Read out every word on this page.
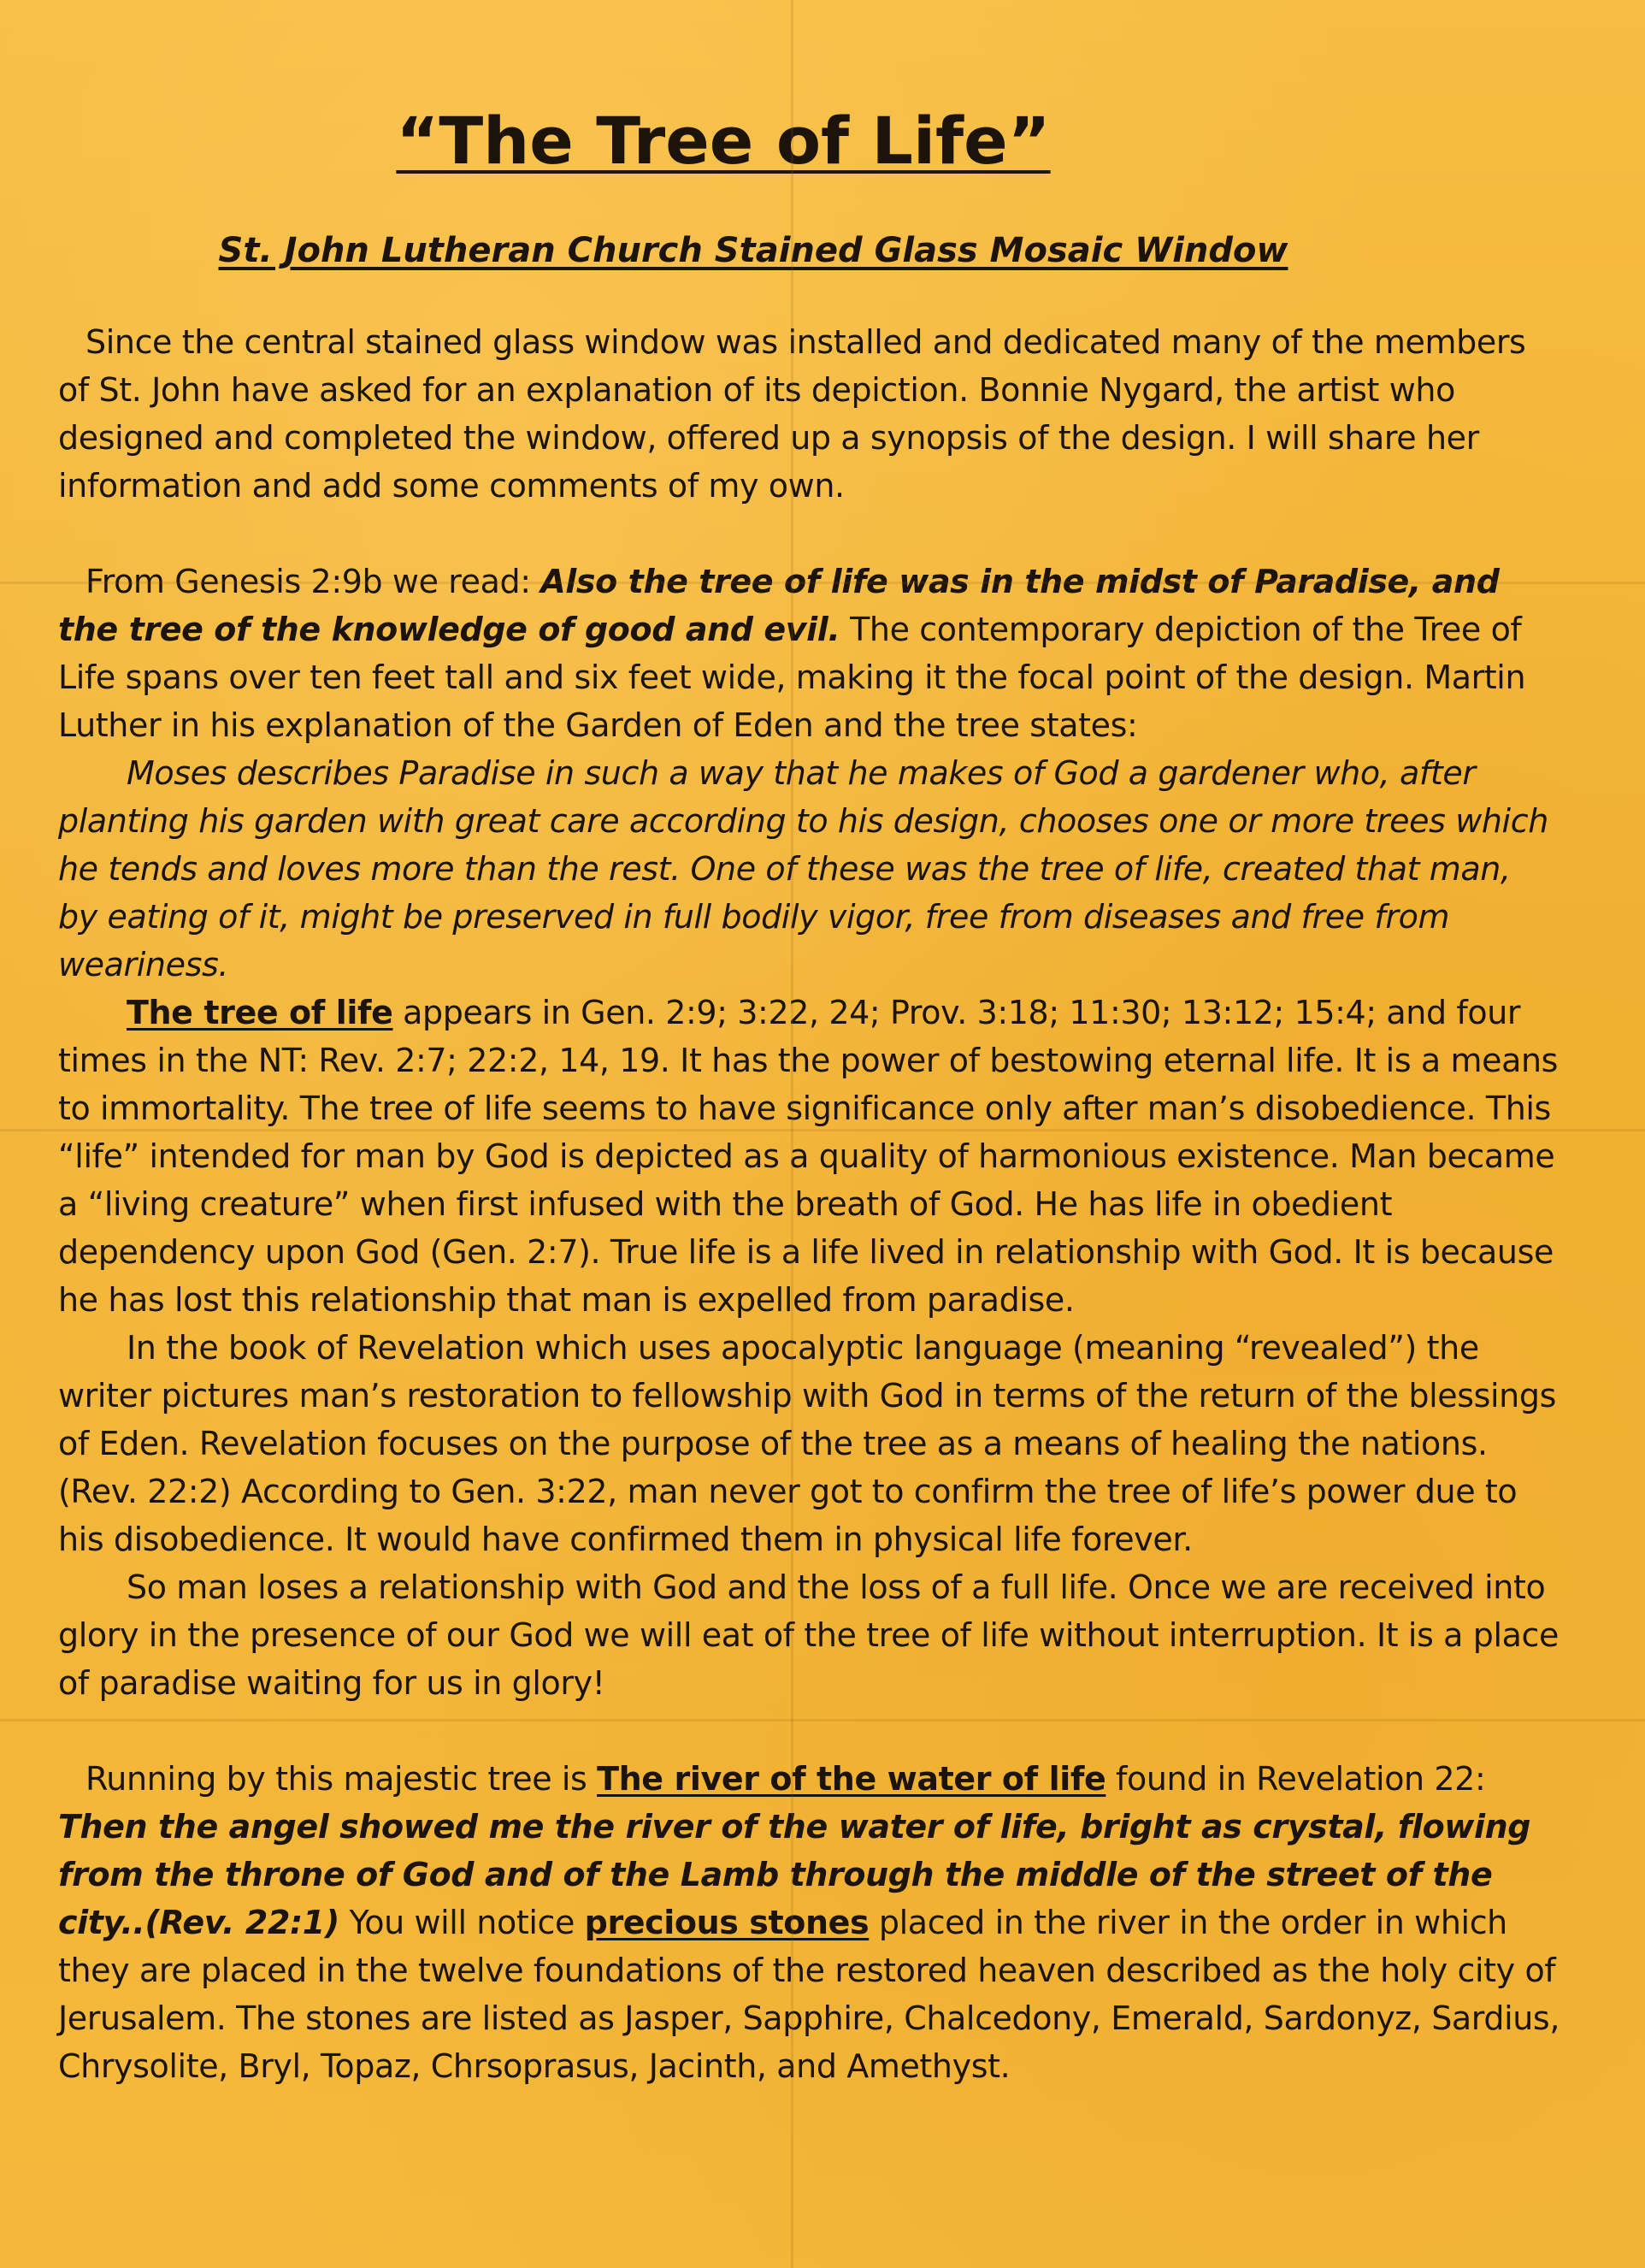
“The Tree of Life”
St. John Lutheran Church Stained Glass Mosaic Window

Since the central stained glass window was installed and dedicated many of the members of St. John have asked for an explanation of its depiction. Bonnie Nygard, the artist who designed and completed the window, offered up a synopsis of the design. I will share her information and add some comments of my own.

From Genesis 2:9b we read: Also the tree of life was in the midst of Paradise, and the tree of the knowledge of good and evil. The contemporary depiction of the Tree of Life spans over ten feet tall and six feet wide, making it the focal point of the design. Martin Luther in his explanation of the Garden of Eden and the tree states:

Moses describes Paradise in such a way that he makes of God a gardener who, after planting his garden with great care according to his design, chooses one or more trees which he tends and loves more than the rest. One of these was the tree of life, created that man, by eating of it, might be preserved in full bodily vigor, free from diseases and free from weariness.

The tree of life appears in Gen. 2:9; 3:22, 24; Prov. 3:18; 11:30; 13:12; 15:4; and four times in the NT: Rev. 2:7; 22:2, 14, 19. It has the power of bestowing eternal life. It is a means to immortality. The tree of life seems to have significance only after man’s disobedience. This “life” intended for man by God is depicted as a quality of harmonious existence. Man became a “living creature” when first infused with the breath of God. He has life in obedient dependency upon God (Gen. 2:7). True life is a life lived in relationship with God. It is because he has lost this relationship that man is expelled from paradise.

In the book of Revelation which uses apocalyptic language (meaning “revealed”) the writer pictures man’s restoration to fellowship with God in terms of the return of the blessings of Eden. Revelation focuses on the purpose of the tree as a means of healing the nations. (Rev. 22:2) According to Gen. 3:22, man never got to confirm the tree of life’s power due to his disobedience. It would have confirmed them in physical life forever.

So man loses a relationship with God and the loss of a full life. Once we are received into glory in the presence of our God we will eat of the tree of life without interruption. It is a place of paradise waiting for us in glory!

Running by this majestic tree is The river of the water of life found in Revelation 22: Then the angel showed me the river of the water of life, bright as crystal, flowing from the throne of God and of the Lamb through the middle of the street of the city..(Rev. 22:1) You will notice precious stones placed in the river in the order in which they are placed in the twelve foundations of the restored heaven described as the holy city of Jerusalem. The stones are listed as Jasper, Sapphire, Chalcedony, Emerald, Sardonyz, Sardius, Chrysolite, Bryl, Topaz, Chrsoprasus, Jacinth, and Amethyst.
